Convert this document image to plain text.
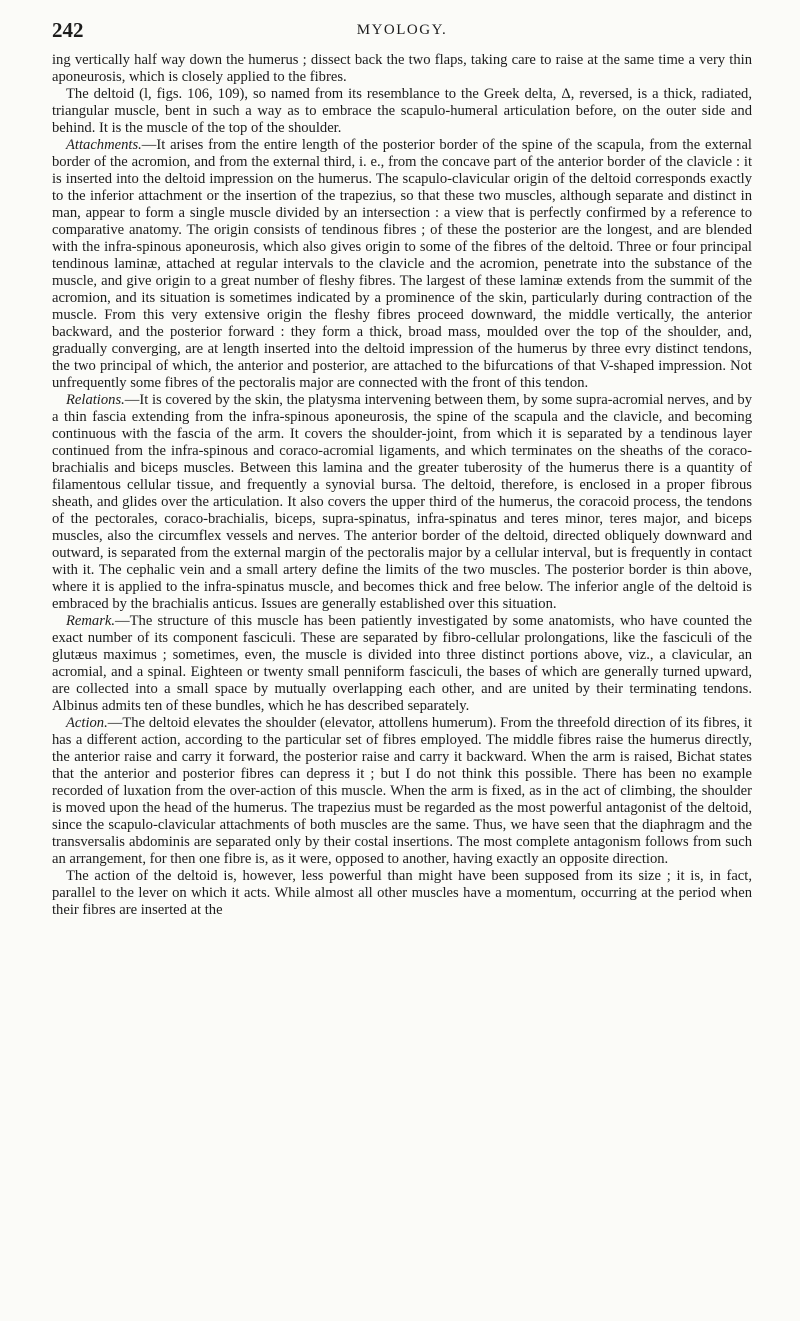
242	MYOLOGY.

ing vertically half way down the humerus ; dissect back the two flaps, taking care to raise at the same time a very thin aponeurosis, which is closely applied to the fibres.

The deltoid (l, figs. 106, 109), so named from its resemblance to the Greek delta, Δ, reversed, is a thick, radiated, triangular muscle, bent in such a way as to embrace the scapulo-humeral articulation before, on the outer side and behind. It is the muscle of the top of the shoulder.

Attachments.—It arises from the entire length of the posterior border of the spine of the scapula, from the external border of the acromion, and from the external third, i. e., from the concave part of the anterior border of the clavicle : it is inserted into the deltoid impression on the humerus. The scapulo-clavicular origin of the deltoid corresponds exactly to the inferior attachment or the insertion of the trapezius, so that these two muscles, although separate and distinct in man, appear to form a single muscle divided by an intersection : a view that is perfectly confirmed by a reference to comparative anatomy. The origin consists of tendinous fibres ; of these the posterior are the longest, and are blended with the infra-spinous aponeurosis, which also gives origin to some of the fibres of the deltoid. Three or four principal tendinous laminæ, attached at regular intervals to the clavicle and the acromion, penetrate into the substance of the muscle, and give origin to a great number of fleshy fibres. The largest of these laminæ extends from the summit of the acromion, and its situation is sometimes indicated by a prominence of the skin, particularly during contraction of the muscle. From this very extensive origin the fleshy fibres proceed downward, the middle vertically, the anterior backward, and the posterior forward : they form a thick, broad mass, moulded over the top of the shoulder, and, gradually converging, are at length inserted into the deltoid impression of the humerus by three evry distinct tendons, the two principal of which, the anterior and posterior, are attached to the bifurcations of that V-shaped impression. Not unfrequently some fibres of the pectoralis major are connected with the front of this tendon.

Relations.—It is covered by the skin, the platysma intervening between them, by some supra-acromial nerves, and by a thin fascia extending from the infra-spinous aponeurosis, the spine of the scapula and the clavicle, and becoming continuous with the fascia of the arm. It covers the shoulder-joint, from which it is separated by a tendinous layer continued from the infra-spinous and coraco-acromial ligaments, and which terminates on the sheaths of the coraco-brachialis and biceps muscles. Between this lamina and the greater tuberosity of the humerus there is a quantity of filamentous cellular tissue, and frequently a synovial bursa. The deltoid, therefore, is enclosed in a proper fibrous sheath, and glides over the articulation. It also covers the upper third of the humerus, the coracoid process, the tendons of the pectorales, coraco-brachialis, biceps, supra-spinatus, infra-spinatus and teres minor, teres major, and biceps muscles, also the circumflex vessels and nerves. The anterior border of the deltoid, directed obliquely downward and outward, is separated from the external margin of the pectoralis major by a cellular interval, but is frequently in contact with it. The cephalic vein and a small artery define the limits of the two muscles. The posterior border is thin above, where it is applied to the infra-spinatus muscle, and becomes thick and free below. The inferior angle of the deltoid is embraced by the brachialis anticus. Issues are generally established over this situation.

Remark.—The structure of this muscle has been patiently investigated by some anatomists, who have counted the exact number of its component fasciculi. These are separated by fibro-cellular prolongations, like the fasciculi of the glutæus maximus ; sometimes, even, the muscle is divided into three distinct portions above, viz., a clavicular, an acromial, and a spinal. Eighteen or twenty small penniform fasciculi, the bases of which are generally turned upward, are collected into a small space by mutually overlapping each other, and are united by their terminating tendons. Albinus admits ten of these bundles, which he has described separately.

Action.—The deltoid elevates the shoulder (elevator, attollens humerum). From the threefold direction of its fibres, it has a different action, according to the particular set of fibres employed. The middle fibres raise the humerus directly, the anterior raise and carry it forward, the posterior raise and carry it backward. When the arm is raised, Bichat states that the anterior and posterior fibres can depress it ; but I do not think this possible. There has been no example recorded of luxation from the over-action of this muscle. When the arm is fixed, as in the act of climbing, the shoulder is moved upon the head of the humerus. The trapezius must be regarded as the most powerful antagonist of the deltoid, since the scapulo-clavicular attachments of both muscles are the same. Thus, we have seen that the diaphragm and the transversalis abdominis are separated only by their costal insertions. The most complete antagonism follows from such an arrangement, for then one fibre is, as it were, opposed to another, having exactly an opposite direction.

The action of the deltoid is, however, less powerful than might have been supposed from its size ; it is, in fact, parallel to the lever on which it acts. While almost all other muscles have a momentum, occurring at the period when their fibres are inserted at the
